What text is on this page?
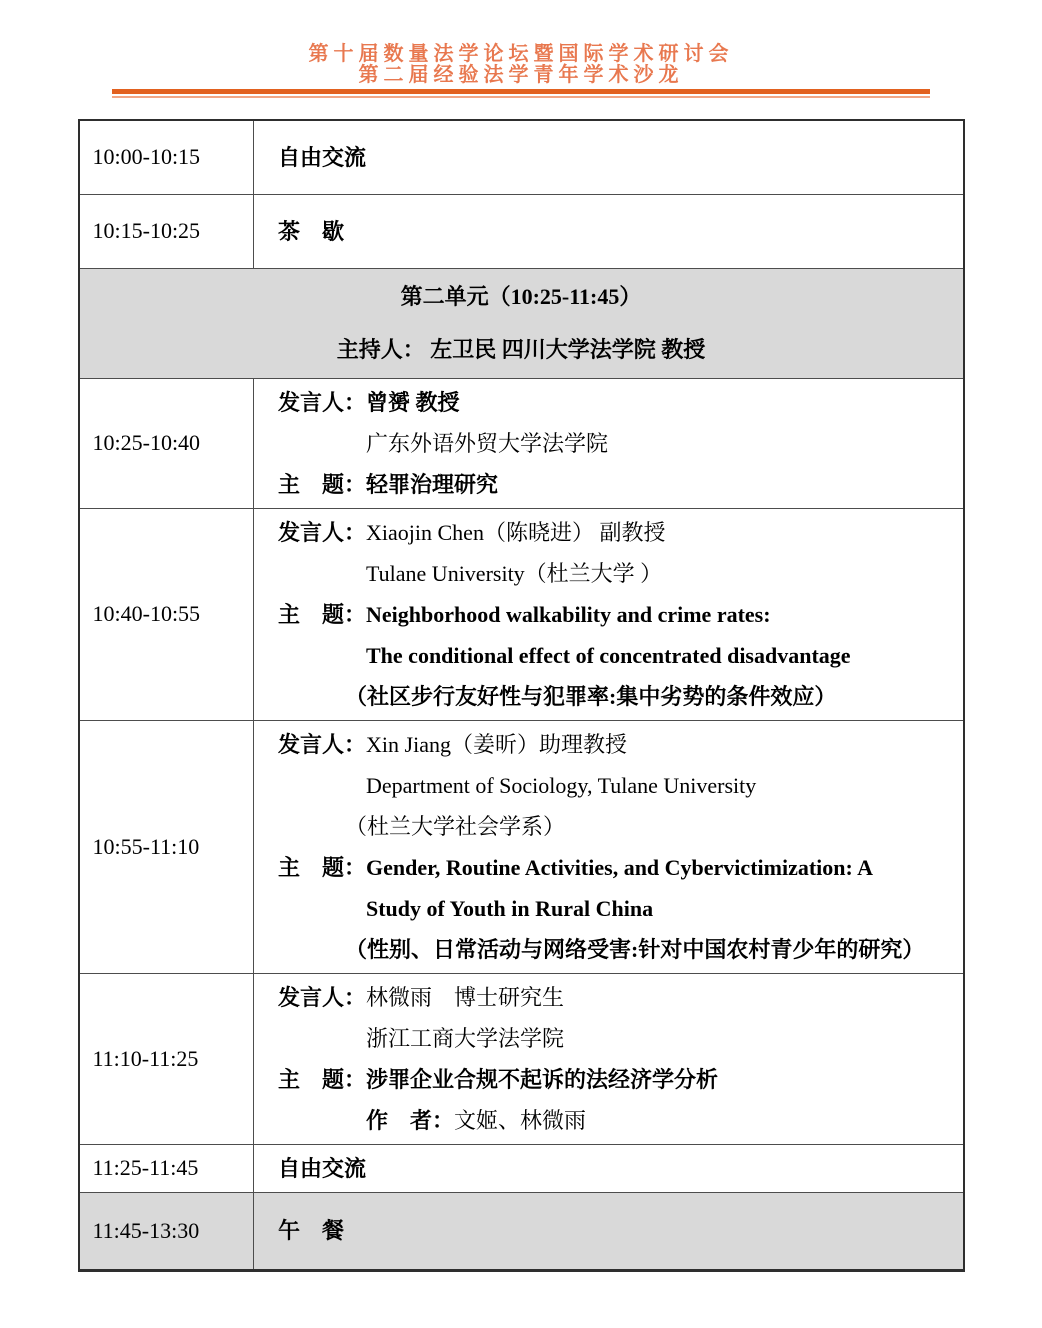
第十届数量法学论坛暨国际学术研讨会
第二届经验法学青年学术沙龙
10:00-10:15	自由交流

10:15-10:25	茶　歇

第二单元（10:25-11:45）
主持人： 左卫民 四川大学法学院 教授	

10:25-10:40	发言人：曾赟 教授
广东外语外贸大学法学院
主　题：轻罪治理研究

10:40-10:55	发言人：Xiaojin Chen（陈晓进） 副教授
Tulane University（杜兰大学 ）
主　题：Neighborhood walkability and crime rates:
The conditional effect of concentrated disadvantage
（社区步行友好性与犯罪率:集中劣势的条件效应）

10:55-11:10	
发言人：Xin Jiang（姜昕）助理教授
Department of Sociology, Tulane University
（杜兰大学社会学系）
主　题：Gender, Routine Activities, and Cybervictimization: A
Study of Youth in Rural China
（性别、日常活动与网络受害:针对中国农村青少年的研究）

11:10-11:25	发言人：林微雨　博士研究生
浙江工商大学法学院
主　题：涉罪企业合规不起诉的法经济学分析
作　者：文姬、林微雨

11:25-11:45	自由交流

11:45-13:30	午　餐
